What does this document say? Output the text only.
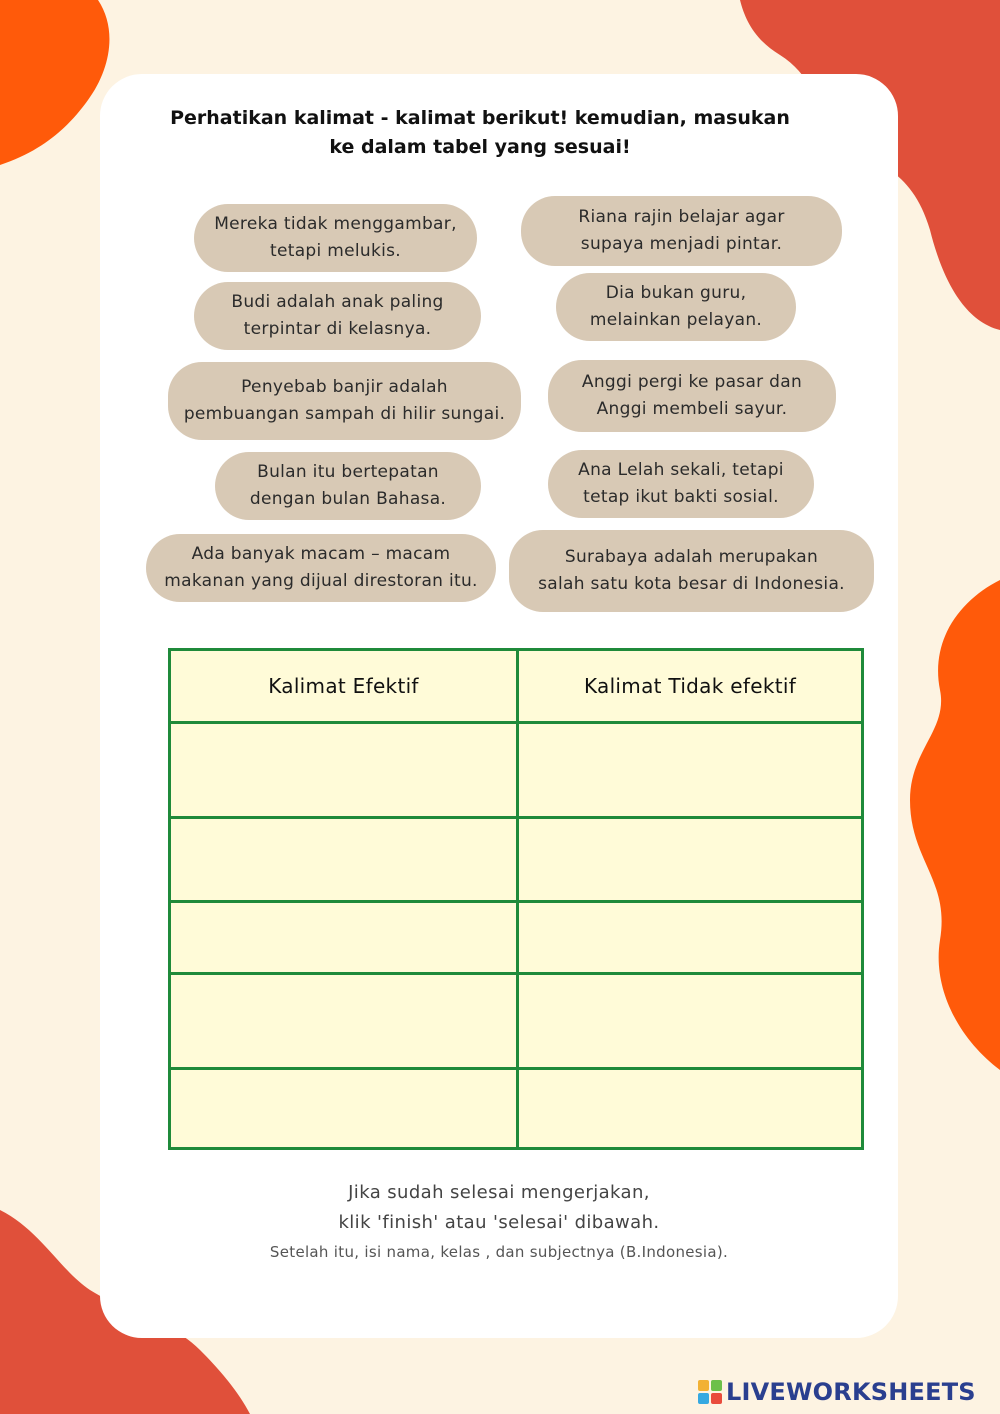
Perhatikan kalimat - kalimat berikut! kemudian, masukan
ke dalam tabel yang sesuai!
Mereka tidak menggambar,
tetapi melukis.
Riana rajin belajar agar
supaya menjadi pintar.
Budi adalah anak paling
terpintar di kelasnya.
Dia bukan guru,
melainkan pelayan.
Penyebab banjir adalah
pembuangan sampah di hilir sungai.
Anggi pergi ke pasar dan
Anggi membeli sayur.
Bulan itu bertepatan
dengan bulan Bahasa.
Ana Lelah sekali, tetapi
tetap ikut bakti sosial.
Ada banyak macam – macam
makanan yang dijual direstoran itu.
Surabaya adalah merupakan
salah satu kota besar di Indonesia.
Kalimat Efektif	Kalimat Tidak efektif
Jika sudah selesai mengerjakan,
klik 'finish' atau 'selesai' dibawah.
Setelah itu, isi nama, kelas , dan subjectnya (B.Indonesia).
LIVEWORKSHEETS
